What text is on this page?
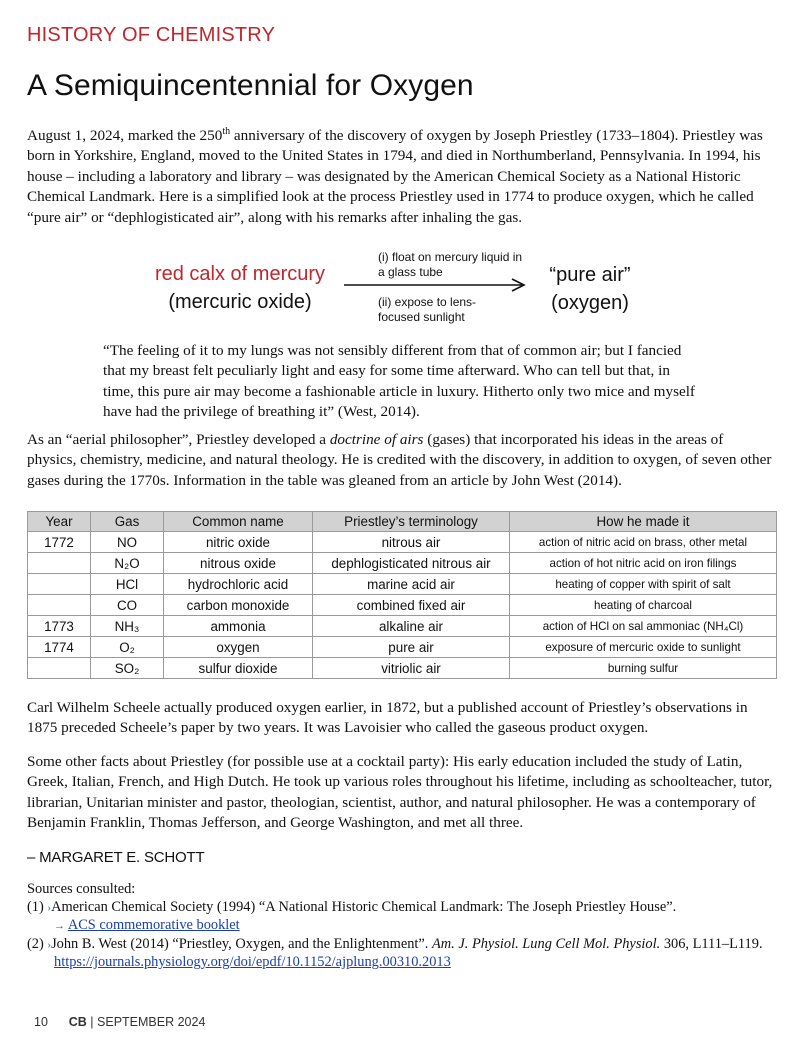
HISTORY OF CHEMISTRY
A Semiquincentennial for Oxygen

August 1, 2024, marked the 250th anniversary of the discovery of oxygen by Joseph Priestley (1733–1804). Priestley was born in Yorkshire, England, moved to the United States in 1794, and died in Northumberland, Pennsylvania. In 1994, his house – including a laboratory and library – was designated by the American Chemical Society as a National Historic Chemical Landmark. Here is a simplified look at the process Priestley used in 1774 to produce oxygen, which he called “pure air” or “dephlogisticated air”, along with his remarks after inhaling the gas.

red calx of mercury
(mercuric oxide)
(i) float on mercury liquid in a glass tube
(ii) expose to lens-focused sunlight
“pure air”
(oxygen)

“The feeling of it to my lungs was not sensibly different from that of common air; but I fancied that my breast felt peculiarly light and easy for some time afterward. Who can tell but that, in time, this pure air may become a fashionable article in luxury. Hitherto only two mice and myself have had the privilege of breathing it” (West, 2014).

As an “aerial philosopher”, Priestley developed a doctrine of airs (gases) that incorporated his ideas in the areas of physics, chemistry, medicine, and natural theology. He is credited with the discovery, in addition to oxygen, of seven other gases during the 1770s. Information in the table was gleaned from an article by John West (2014).

Year	Gas	Common name	Priestley’s terminology	How he made it
1772	NO	nitric oxide	nitrous air	action of nitric acid on brass, other metal
	N₂O	nitrous oxide	dephlogisticated nitrous air	action of hot nitric acid on iron filings
	HCl	hydrochloric acid	marine acid air	heating of copper with spirit of salt
	CO	carbon monoxide	combined fixed air	heating of charcoal
1773	NH₃	ammonia	alkaline air	action of HCl on sal ammoniac (NH₄Cl)
1774	O₂	oxygen	pure air	exposure of mercuric oxide to sunlight
	SO₂	sulfur dioxide	vitriolic air	burning sulfur

Carl Wilhelm Scheele actually produced oxygen earlier, in 1872, but a published account of Priestley’s observations in 1875 preceded Scheele’s paper by two years. It was Lavoisier who called the gaseous product oxygen.

Some other facts about Priestley (for possible use at a cocktail party): His early education included the study of Latin, Greek, Italian, French, and High Dutch. He took up various roles throughout his lifetime, including as schoolteacher, tutor, librarian, Unitarian minister and pastor, theologian, scientist, author, and natural philosopher. He was a contemporary of Benjamin Franklin, Thomas Jefferson, and George Washington, and met all three.

– MARGARET E. SCHOTT
Sources consulted:
(1) ›American Chemical Society (1994) “A National Historic Chemical Landmark: The Joseph Priestley House”.
→ ACS commemorative booklet
(2) ›John B. West (2014) “Priestley, Oxygen, and the Enlightenment”. Am. J. Physiol. Lung Cell Mol. Physiol. 306, L111–L119.
https://journals.physiology.org/doi/epdf/10.1152/ajplung.00310.2013
10 CB | SEPTEMBER 2024
